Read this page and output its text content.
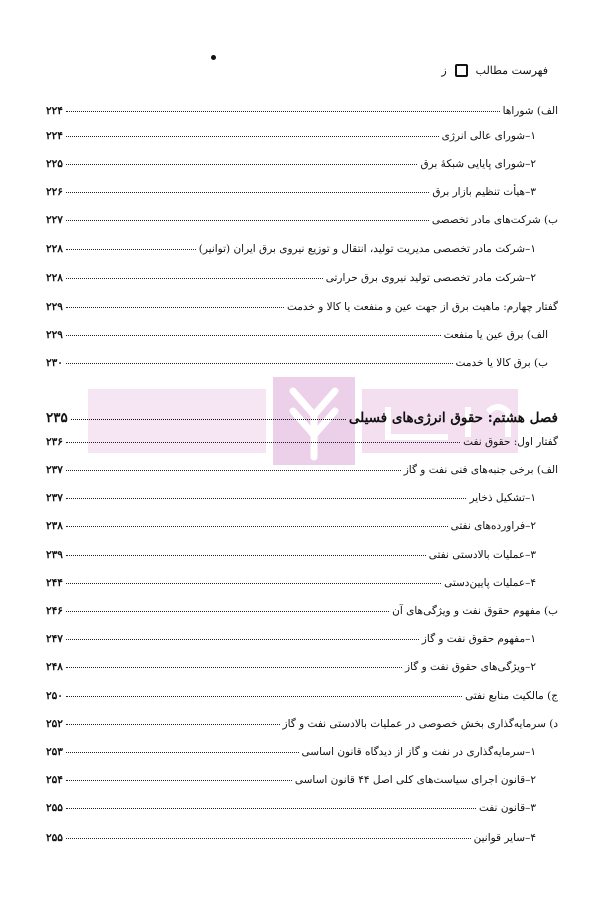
فهرست مطالب
ز
الف) شوراها
۲۲۴
۱–شورای عالی انرژی
۲۲۴
۲–شورای پایایی شبکهٔ برق
۲۲۵
۳–هیأت تنظیم بازار برق
۲۲۶
ب) شرکت‌های مادر تخصصی
۲۲۷
۱–شرکت مادر تخصصی مدیریت تولید، انتقال و توزیع نیروی برق ایران (توانیر)
۲۲۸
۲–شرکت مادر تخصصی تولید نیروی برق حرارتی
۲۲۸
گفتار چهارم: ماهیت برق از جهت عین و منفعت یا کالا و خدمت
۲۲۹
الف) برق عین یا منفعت
۲۲۹
ب) برق کالا یا خدمت
۲۳۰
فصل هشتم: حقوق انرژی‌های فسیلی
۲۳۵
گفتار اول: حقوق نفت
۲۳۶
الف) برخی جنبه‌های فنی نفت و گاز
۲۳۷
۱–تشکیل ذخایر
۲۳۷
۲–فراورده‌های نفتی
۲۳۸
۳–عملیات بالادستی نفتی
۲۳۹
۴–عملیات پایین‌دستی
۲۴۴
ب) مفهوم حقوق نفت و ویژگی‌های آن
۲۴۶
۱–مفهوم حقوق نفت و گاز
۲۴۷
۲–ویژگی‌های حقوق نفت و گاز
۲۴۸
ج) مالکیت منابع نفتی
۲۵۰
د) سرمایه‌گذاری بخش خصوصی در عملیات بالادستی نفت و گاز
۲۵۲
۱–سرمایه‌گذاری در نفت و گاز از دیدگاه قانون اساسی
۲۵۳
۲–قانون اجرای سیاست‌های کلی اصل ۴۴ قانون اساسی
۲۵۴
۳–قانون نفت
۲۵۵
۴–سایر قوانین
۲۵۵
